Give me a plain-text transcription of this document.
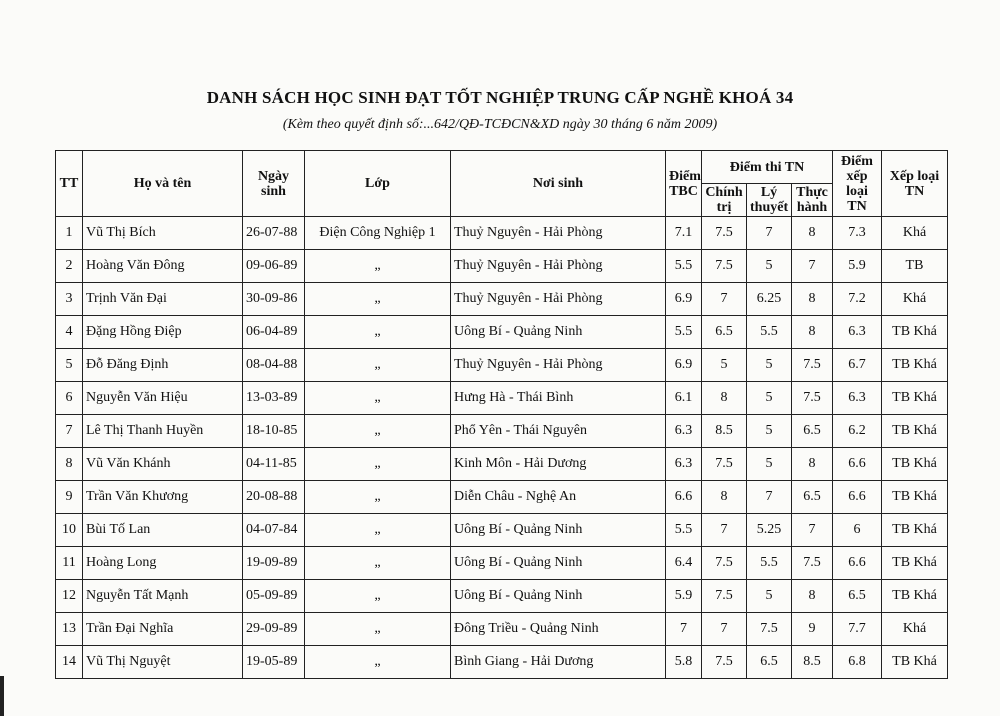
DANH SÁCH HỌC SINH ĐẠT TỐT NGHIỆP TRUNG CẤP NGHỀ KHOÁ 34
(Kèm theo quyết định số:...642/QĐ-TCĐCN&XD ngày 30 tháng 6 năm 2009)
TT	Họ và tên	Ngày sinh	Lớp	Nơi sinh	Điểm TBC	Điểm thi TN			Điểm xếp loại TN	Xếp loại TN
						Chính trị	Lý thuyết	Thực hành		
1	Vũ Thị Bích	26-07-88	Điện Công Nghiệp 1	Thuỷ Nguyên - Hải Phòng	7.1	7.5	7	8	7.3	Khá
2	Hoàng Văn Đông	09-06-89	„	Thuỷ Nguyên - Hải Phòng	5.5	7.5	5	7	5.9	TB
3	Trịnh Văn Đại	30-09-86	„	Thuỷ Nguyên - Hải Phòng	6.9	7	6.25	8	7.2	Khá
4	Đặng Hồng Điệp	06-04-89	„	Uông Bí - Quảng Ninh	5.5	6.5	5.5	8	6.3	TB Khá
5	Đỗ Đăng Định	08-04-88	„	Thuỷ Nguyên - Hải Phòng	6.9	5	5	7.5	6.7	TB Khá
6	Nguyễn Văn Hiệu	13-03-89	„	Hưng Hà - Thái Bình	6.1	8	5	7.5	6.3	TB Khá
7	Lê Thị Thanh Huyền	18-10-85	„	Phổ Yên - Thái Nguyên	6.3	8.5	5	6.5	6.2	TB Khá
8	Vũ Văn Khánh	04-11-85	„	Kinh Môn - Hải Dương	6.3	7.5	5	8	6.6	TB Khá
9	Trần Văn Khương	20-08-88	„	Diễn Châu - Nghệ An	6.6	8	7	6.5	6.6	TB Khá
10	Bùi Tố Lan	04-07-84	„	Uông Bí - Quảng Ninh	5.5	7	5.25	7	6	TB Khá
11	Hoàng Long	19-09-89	„	Uông Bí - Quảng Ninh	6.4	7.5	5.5	7.5	6.6	TB Khá
12	Nguyễn Tất Mạnh	05-09-89	„	Uông Bí - Quảng Ninh	5.9	7.5	5	8	6.5	TB Khá
13	Trần Đại Nghĩa	29-09-89	„	Đông Triều - Quảng Ninh	7	7	7.5	9	7.7	Khá
14	Vũ Thị Nguyệt	19-05-89	„	Bình Giang - Hải Dương	5.8	7.5	6.5	8.5	6.8	TB Khá
